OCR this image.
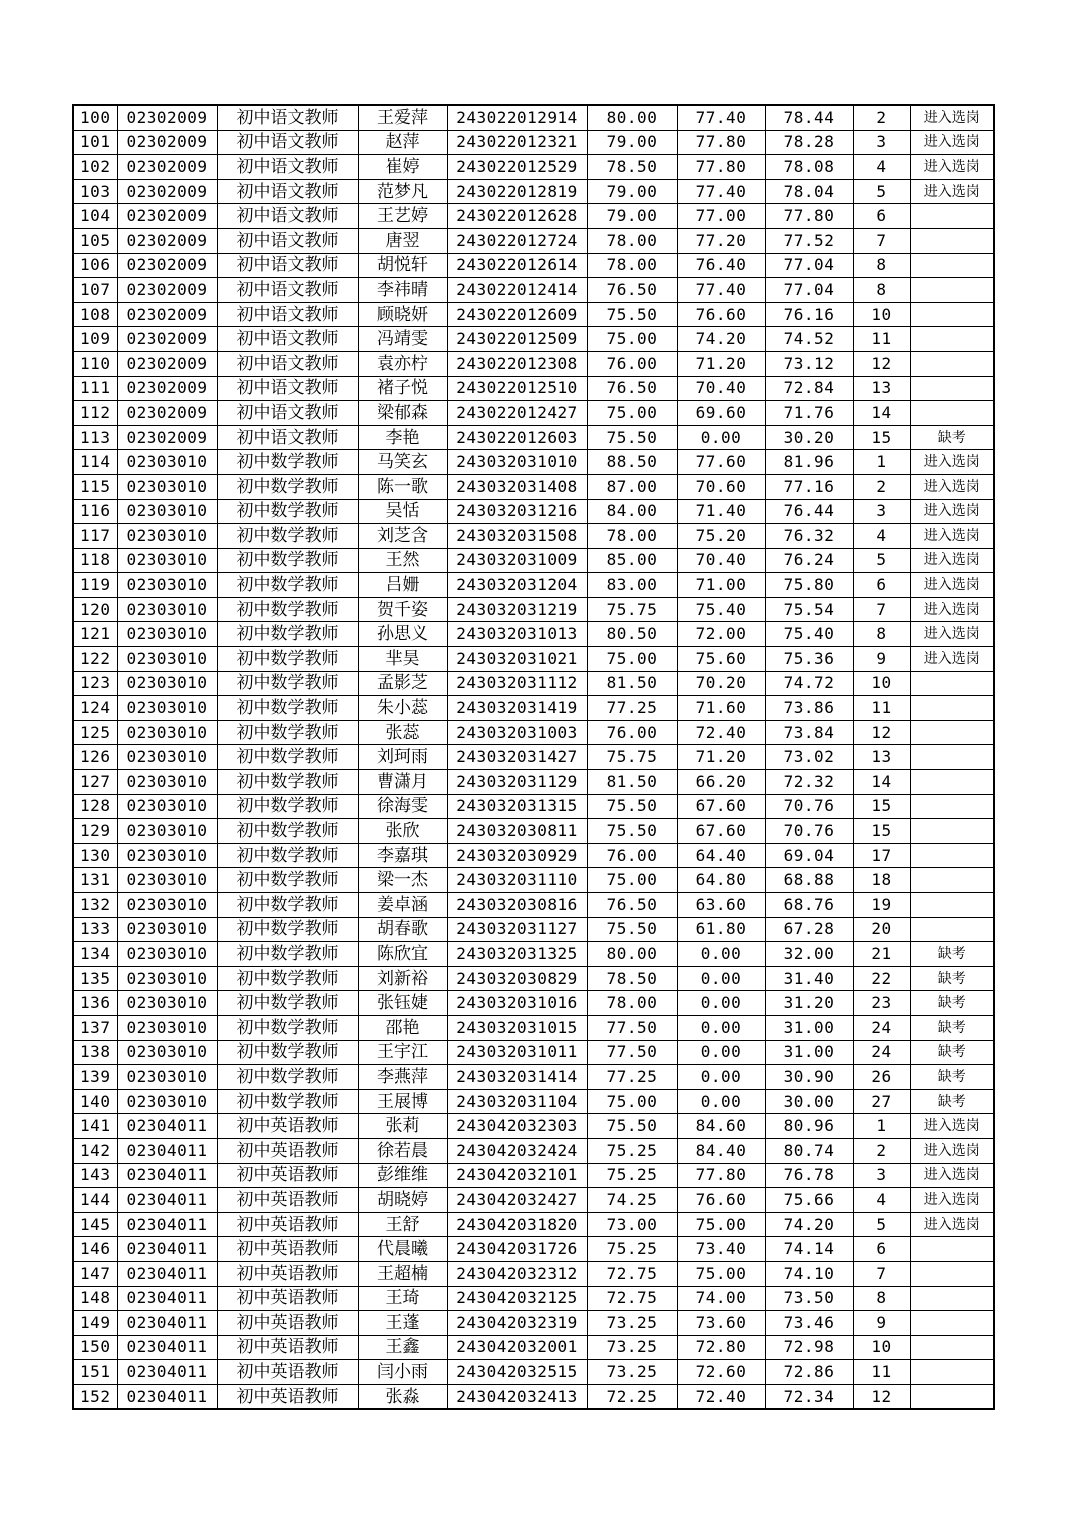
100	02302009	初中语文教师	王爱萍	243022012914	80.00	77.40	78.44	2	进入选岗
101	02302009	初中语文教师	赵萍	243022012321	79.00	77.80	78.28	3	进入选岗
102	02302009	初中语文教师	崔婷	243022012529	78.50	77.80	78.08	4	进入选岗
103	02302009	初中语文教师	范梦凡	243022012819	79.00	77.40	78.04	5	进入选岗
104	02302009	初中语文教师	王艺婷	243022012628	79.00	77.00	77.80	6	
105	02302009	初中语文教师	唐翌	243022012724	78.00	77.20	77.52	7	
106	02302009	初中语文教师	胡悦轩	243022012614	78.00	76.40	77.04	8	
107	02302009	初中语文教师	李祎晴	243022012414	76.50	77.40	77.04	8	
108	02302009	初中语文教师	顾晓妍	243022012609	75.50	76.60	76.16	10	
109	02302009	初中语文教师	冯靖雯	243022012509	75.00	74.20	74.52	11	
110	02302009	初中语文教师	袁亦柠	243022012308	76.00	71.20	73.12	12	
111	02302009	初中语文教师	褚子悦	243022012510	76.50	70.40	72.84	13	
112	02302009	初中语文教师	梁郁森	243022012427	75.00	69.60	71.76	14	
113	02302009	初中语文教师	李艳	243022012603	75.50	0.00	30.20	15	缺考
114	02303010	初中数学教师	马笑玄	243032031010	88.50	77.60	81.96	1	进入选岗
115	02303010	初中数学教师	陈一歌	243032031408	87.00	70.60	77.16	2	进入选岗
116	02303010	初中数学教师	吴恬	243032031216	84.00	71.40	76.44	3	进入选岗
117	02303010	初中数学教师	刘芝含	243032031508	78.00	75.20	76.32	4	进入选岗
118	02303010	初中数学教师	王然	243032031009	85.00	70.40	76.24	5	进入选岗
119	02303010	初中数学教师	吕姗	243032031204	83.00	71.00	75.80	6	进入选岗
120	02303010	初中数学教师	贺千姿	243032031219	75.75	75.40	75.54	7	进入选岗
121	02303010	初中数学教师	孙思义	243032031013	80.50	72.00	75.40	8	进入选岗
122	02303010	初中数学教师	芈昊	243032031021	75.00	75.60	75.36	9	进入选岗
123	02303010	初中数学教师	孟影芝	243032031112	81.50	70.20	74.72	10	
124	02303010	初中数学教师	朱小蕊	243032031419	77.25	71.60	73.86	11	
125	02303010	初中数学教师	张蕊	243032031003	76.00	72.40	73.84	12	
126	02303010	初中数学教师	刘珂雨	243032031427	75.75	71.20	73.02	13	
127	02303010	初中数学教师	曹潇月	243032031129	81.50	66.20	72.32	14	
128	02303010	初中数学教师	徐海雯	243032031315	75.50	67.60	70.76	15	
129	02303010	初中数学教师	张欣	243032030811	75.50	67.60	70.76	15	
130	02303010	初中数学教师	李嘉琪	243032030929	76.00	64.40	69.04	17	
131	02303010	初中数学教师	梁一杰	243032031110	75.00	64.80	68.88	18	
132	02303010	初中数学教师	姜卓涵	243032030816	76.50	63.60	68.76	19	
133	02303010	初中数学教师	胡春歌	243032031127	75.50	61.80	67.28	20	
134	02303010	初中数学教师	陈欣宜	243032031325	80.00	0.00	32.00	21	缺考
135	02303010	初中数学教师	刘新裕	243032030829	78.50	0.00	31.40	22	缺考
136	02303010	初中数学教师	张钰婕	243032031016	78.00	0.00	31.20	23	缺考
137	02303010	初中数学教师	邵艳	243032031015	77.50	0.00	31.00	24	缺考
138	02303010	初中数学教师	王宇江	243032031011	77.50	0.00	31.00	24	缺考
139	02303010	初中数学教师	李燕萍	243032031414	77.25	0.00	30.90	26	缺考
140	02303010	初中数学教师	王展博	243032031104	75.00	0.00	30.00	27	缺考
141	02304011	初中英语教师	张莉	243042032303	75.50	84.60	80.96	1	进入选岗
142	02304011	初中英语教师	徐若晨	243042032424	75.25	84.40	80.74	2	进入选岗
143	02304011	初中英语教师	彭维维	243042032101	75.25	77.80	76.78	3	进入选岗
144	02304011	初中英语教师	胡晓婷	243042032427	74.25	76.60	75.66	4	进入选岗
145	02304011	初中英语教师	王舒	243042031820	73.00	75.00	74.20	5	进入选岗
146	02304011	初中英语教师	代晨曦	243042031726	75.25	73.40	74.14	6	
147	02304011	初中英语教师	王超楠	243042032312	72.75	75.00	74.10	7	
148	02304011	初中英语教师	王琦	243042032125	72.75	74.00	73.50	8	
149	02304011	初中英语教师	王蓬	243042032319	73.25	73.60	73.46	9	
150	02304011	初中英语教师	王鑫	243042032001	73.25	72.80	72.98	10	
151	02304011	初中英语教师	闫小雨	243042032515	73.25	72.60	72.86	11	
152	02304011	初中英语教师	张淼	243042032413	72.25	72.40	72.34	12	
